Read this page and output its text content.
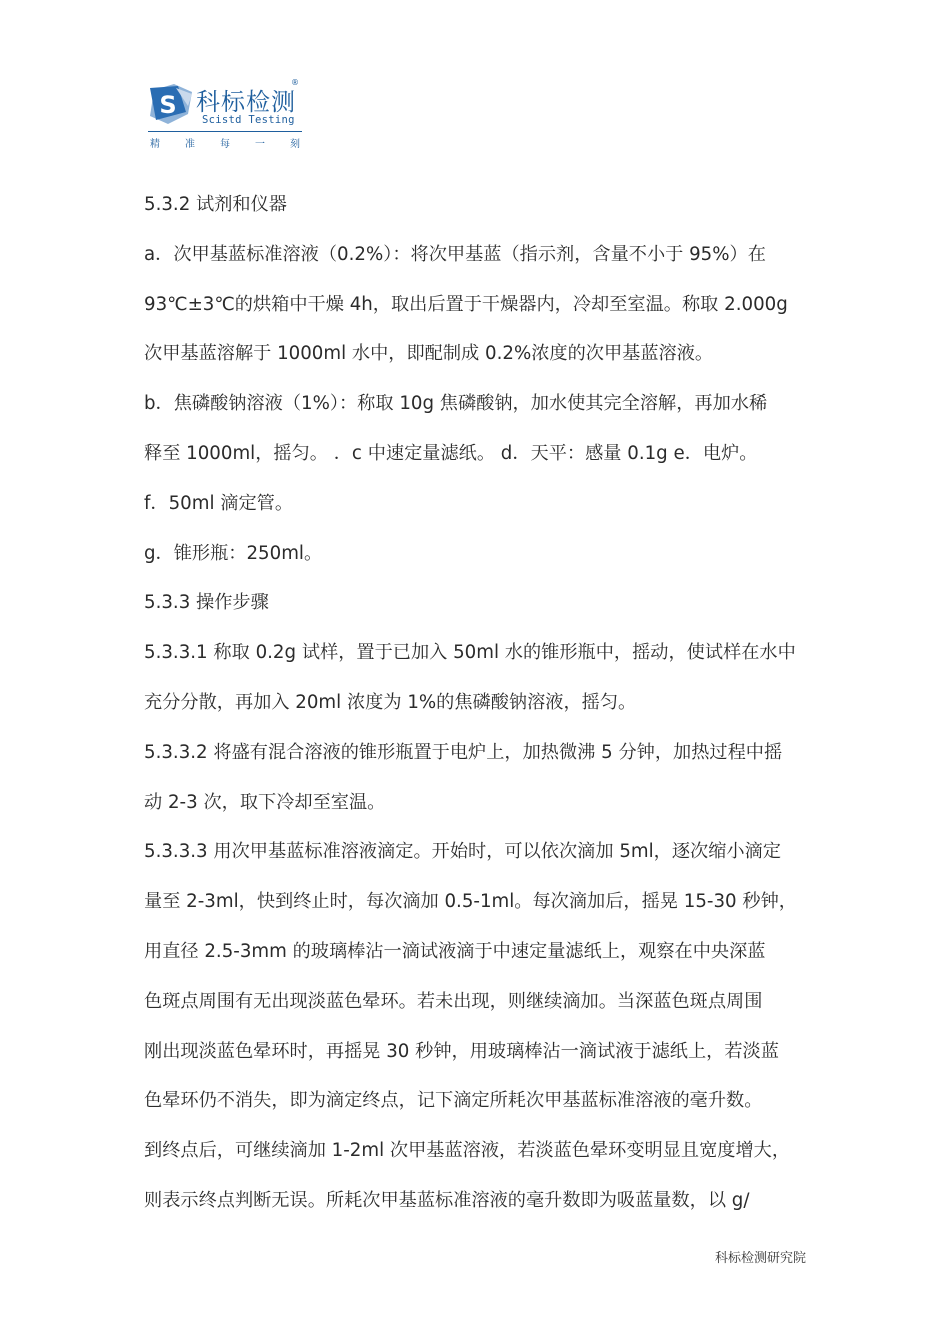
S 科标检测
®
Scistd Testing
精	准	每	一	刻
5.3.2 试剂和仪器
a．次甲基蓝标准溶液（0.2%）：将次甲基蓝（指示剂，含量不小于 95%）在
93℃±3℃的烘箱中干燥 4h，取出后置于干燥器内，冷却至室温。称取 2.000g
次甲基蓝溶解于 1000ml 水中，即配制成 0.2%浓度的次甲基蓝溶液。
b．焦磷酸钠溶液（1%）：称取 10g 焦磷酸钠，加水使其完全溶解，再加水稀
释至 1000ml，摇匀。 ．c 中速定量滤纸。 d．天平：感量 0.1g e．电炉。
f．50ml 滴定管。
g．锥形瓶：250ml。
5.3.3 操作步骤
5.3.3.1 称取 0.2g 试样，置于已加入 50ml 水的锥形瓶中，摇动，使试样在水中
充分分散，再加入 20ml 浓度为 1%的焦磷酸钠溶液，摇匀。
5.3.3.2 将盛有混合溶液的锥形瓶置于电炉上，加热微沸 5 分钟，加热过程中摇
动 2-3 次，取下冷却至室温。
5.3.3.3 用次甲基蓝标准溶液滴定。开始时，可以依次滴加 5ml，逐次缩小滴定
量至 2-3ml，快到终止时，每次滴加 0.5-1ml。每次滴加后，摇晃 15-30 秒钟，
用直径 2.5-3mm 的玻璃棒沾一滴试液滴于中速定量滤纸上，观察在中央深蓝
色斑点周围有无出现淡蓝色晕环。若未出现，则继续滴加。当深蓝色斑点周围
刚出现淡蓝色晕环时，再摇晃 30 秒钟，用玻璃棒沾一滴试液于滤纸上，若淡蓝
色晕环仍不消失，即为滴定终点，记下滴定所耗次甲基蓝标准溶液的毫升数。
到终点后，可继续滴加 1-2ml 次甲基蓝溶液，若淡蓝色晕环变明显且宽度增大，
则表示终点判断无误。所耗次甲基蓝标准溶液的毫升数即为吸蓝量数，以 g/
科标检测研究院
